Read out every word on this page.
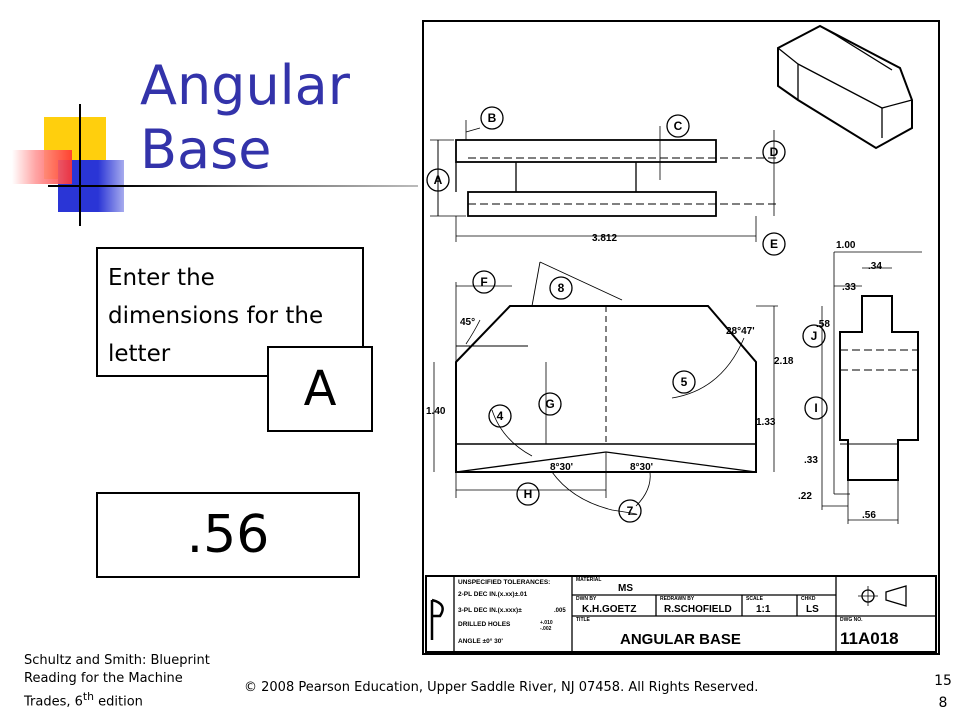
Angular
Base

Enter the dimensions for the letter

A
.56
B
C
D
A
E
F	8
5
G
4
H
7
J
I
3.812
1.00
.34
.33
.58
2.18
45°
28°47'
1.40
1.33
8°30'	8°30'
.33
.22
.56
UNSPECIFIED TOLERANCES:
2-PL DEC IN.(x.xx)±.01
3-PL DEC IN.(x.xxx)±	.005
DRILLED HOLES	+.010
-.002
ANGLE ±0° 30'
MATERIAL
MS
DWN BY
K.H.GOETZ
REDRAWN BY
R.SCHOFIELD
SCALE
1:1
CHKD
LS
TITLE
ANGULAR BASE
DWG NO.
11A018

Schultz and Smith: Blueprint
Reading for the Machine
Trades, 6th edition

© 2008 Pearson Education, Upper Saddle River, NJ 07458. All Rights Reserved.	158
